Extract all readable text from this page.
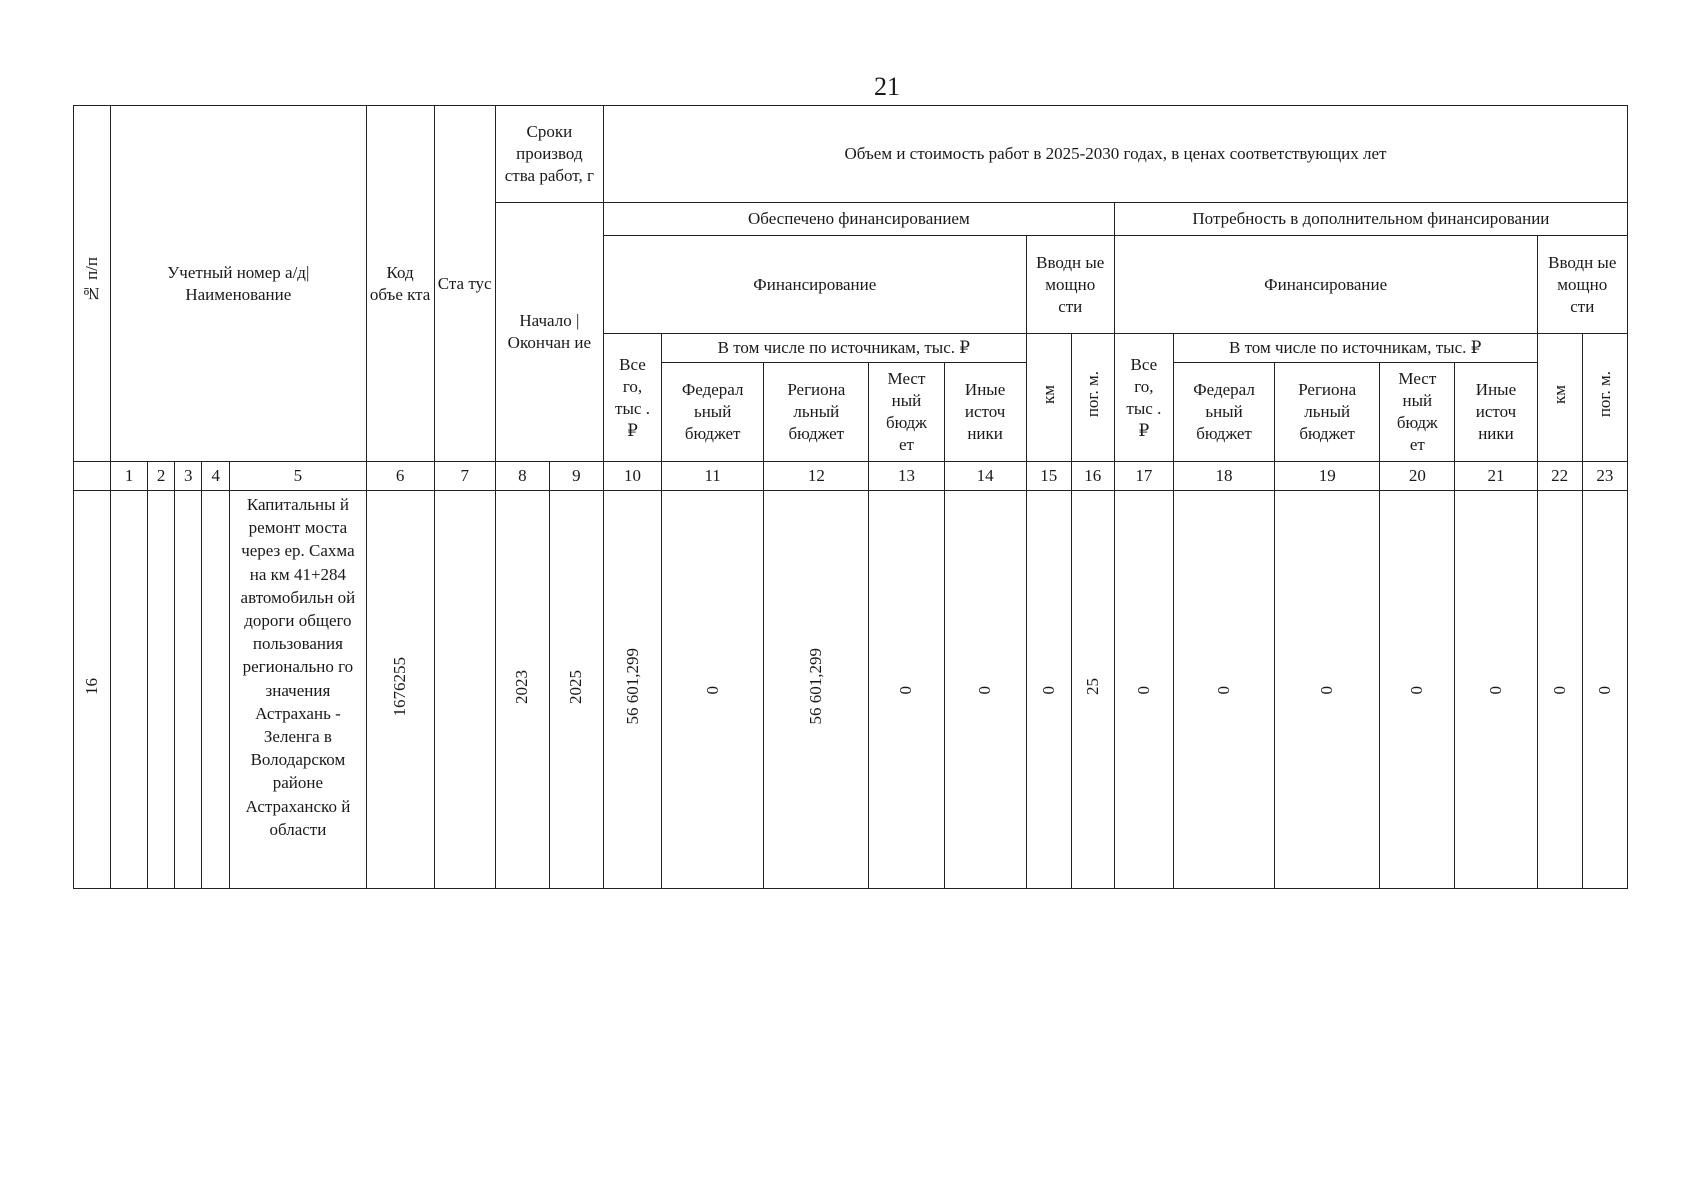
21
№ п/п	Учетный номер а/д| Наименование					Код объе кта	Ста тус	Сроки производ ства работ, г		Объем и стоимость работ в 2025-2030 годах, в ценах соответствующих лет													
								Начало | Окончан ие		Обеспечено финансированием							Потребность в дополнительном финансировании						
										Финансирование					Вводн ые мощно сти		Финансирование					Вводн ые мощно сти	
										Все го, тыс . ₽	В том числе по источникам, тыс. ₽				км	пог. м.	Все го, тыс . ₽	В том числе по источникам, тыс. ₽				км	пог. м.
											Федерал ьный бюджет	Региона льный бюджет	Мест ный бюдж ет	Иные источ ники				Федерал ьный бюджет	Региона льный бюджет	Мест ный бюдж ет	Иные источ ники		
	1	2	3	4	5	6	7	8	9	10	11	12	13	14	15	16	17	18	19	20	21	22	23
16					Капитальны й ремонт моста через ер. Сахма на км 41+284 автомобильн ой дороги общего пользования регионально го значения Астрахань - Зеленга в Володарском районе Астраханско й области	1676255		2023	2025	56 601,299	0	56 601,299	0	0	0	25	0	0	0	0	0	0	0
